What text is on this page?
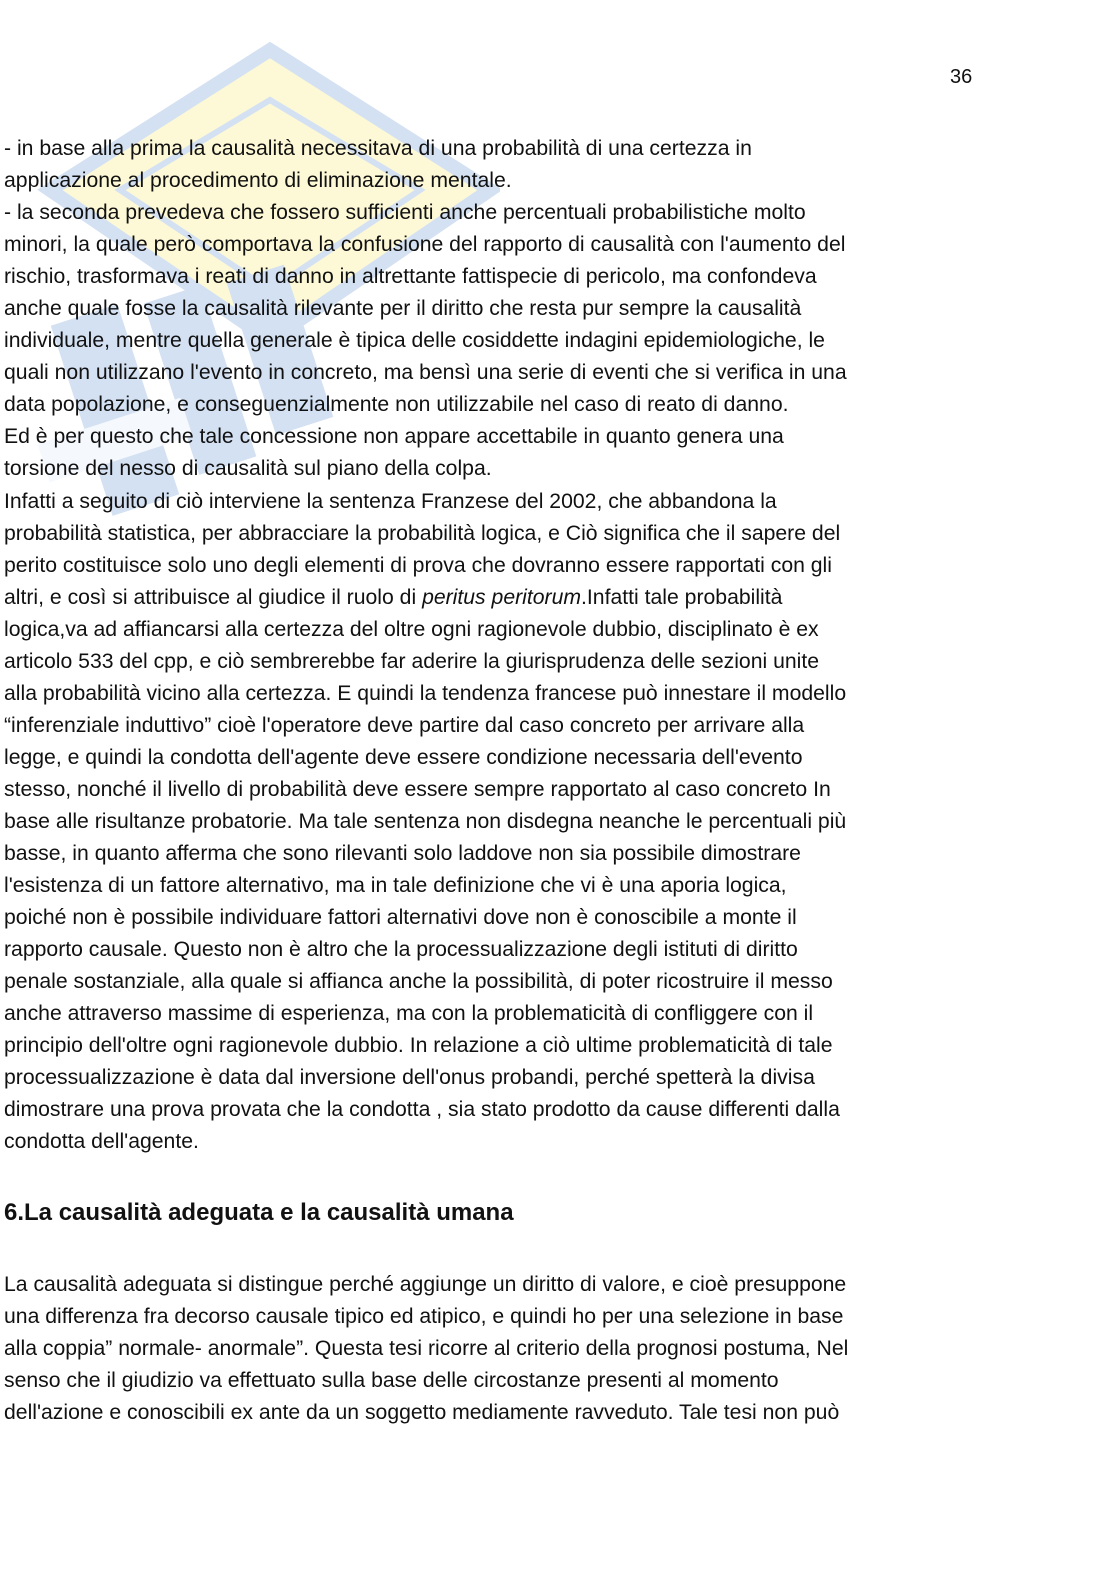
36

- in base alla prima la causalità necessitava di una probabilità di una certezza in
applicazione al procedimento di eliminazione mentale.
- la seconda prevedeva che fossero sufficienti anche percentuali probabilistiche molto
minori, la quale però comportava la confusione del rapporto di causalità con l'aumento del
rischio, trasformava i reati di danno in altrettante fattispecie di pericolo, ma confondeva
anche quale fosse la causalità rilevante per il diritto che resta pur sempre la causalità
individuale, mentre quella generale è tipica delle cosiddette indagini epidemiologiche, le
quali non utilizzano l'evento in concreto, ma bensì una serie di eventi che si verifica in una
data popolazione, e conseguenzialmente non utilizzabile nel caso di reato di danno.
Ed è per questo che tale concessione non appare accettabile in quanto genera una
torsione del nesso di causalità sul piano della colpa.
Infatti a seguito di ciò interviene la sentenza Franzese del 2002, che abbandona la
probabilità statistica, per abbracciare la probabilità logica, e Ciò significa che il sapere del
perito costituisce solo uno degli elementi di prova che dovranno essere rapportati con gli
altri, e così si attribuisce al giudice il ruolo di peritus peritorum.Infatti tale probabilità
logica,va ad affiancarsi alla certezza del oltre ogni ragionevole dubbio, disciplinato è ex
articolo 533 del cpp, e ciò sembrerebbe far aderire la giurisprudenza delle sezioni unite
alla probabilità vicino alla certezza. E quindi la tendenza francese può innestare il modello
“inferenziale induttivo” cioè l'operatore deve partire dal caso concreto per arrivare alla
legge, e quindi la condotta dell'agente deve essere condizione necessaria dell'evento
stesso, nonché il livello di probabilità deve essere sempre rapportato al caso concreto In
base alle risultanze probatorie. Ma tale sentenza non disdegna neanche le percentuali più
basse, in quanto afferma che sono rilevanti solo laddove non sia possibile dimostrare
l'esistenza di un fattore alternativo, ma in tale definizione che vi è una aporia logica,
poiché non è possibile individuare fattori alternativi dove non è conoscibile a monte il
rapporto causale. Questo non è altro che la processualizzazione degli istituti di diritto
penale sostanziale, alla quale si affianca anche la possibilità, di poter ricostruire il messo
anche attraverso massime di esperienza, ma con la problematicità di confliggere con il
principio dell'oltre ogni ragionevole dubbio. In relazione a ciò ultime problematicità di tale
processualizzazione è data dal inversione dell'onus probandi, perché spetterà la divisa
dimostrare una prova provata che la condotta , sia stato prodotto da cause differenti dalla
condotta dell'agente.

6.La causalità adeguata e la causalità umana

La causalità adeguata si distingue perché aggiunge un diritto di valore, e cioè presuppone
una differenza fra decorso causale tipico ed atipico, e quindi ho per una selezione in base
alla coppia” normale- anormale”. Questa tesi ricorre al criterio della prognosi postuma, Nel
senso che il giudizio va effettuato sulla base delle circostanze presenti al momento
dell'azione e conoscibili ex ante da un soggetto mediamente ravveduto. Tale tesi non può
